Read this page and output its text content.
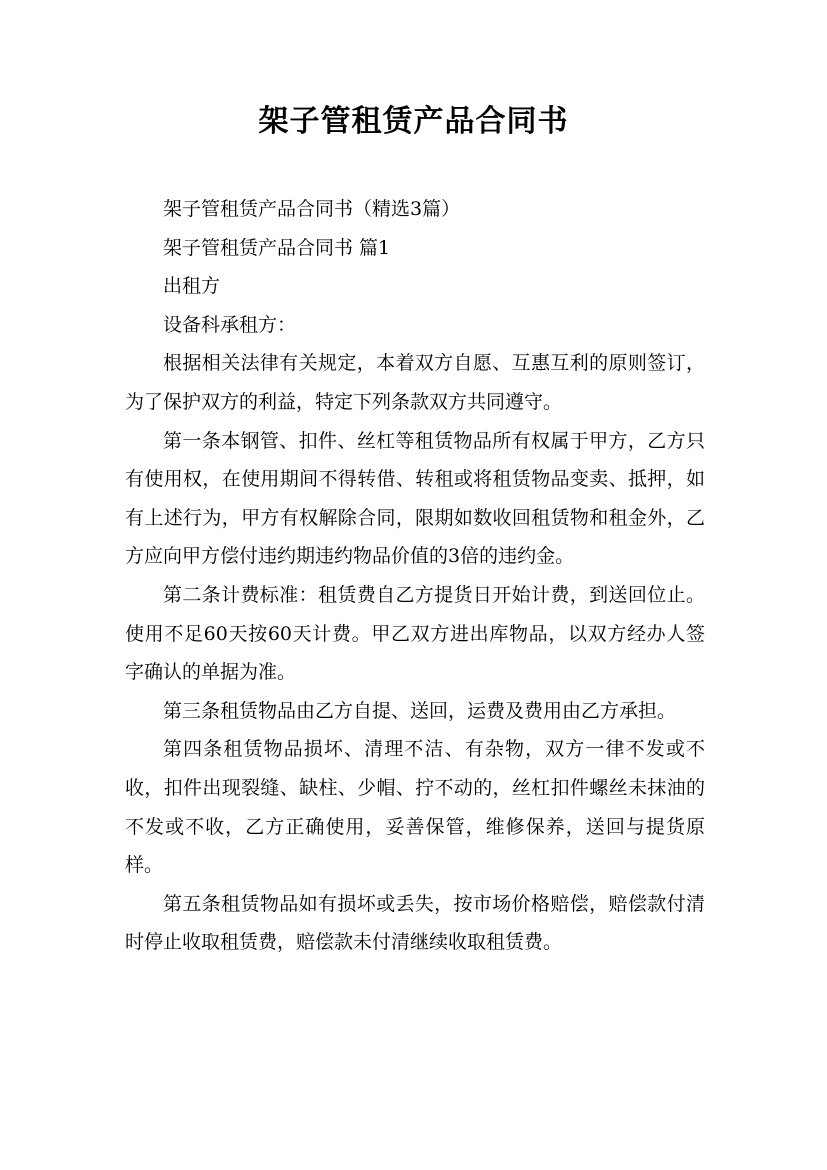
架子管租赁产品合同书

架子管租赁产品合同书（精选3篇）

架子管租赁产品合同书 篇1

出租方

设备科承租方：

根据相关法律有关规定，本着双方自愿、互惠互利的原则签订，为了保护双方的利益，特定下列条款双方共同遵守。

第一条本钢管、扣件、丝杠等租赁物品所有权属于甲方，乙方只有使用权，在使用期间不得转借、转租或将租赁物品变卖、抵押，如有上述行为，甲方有权解除合同，限期如数收回租赁物和租金外，乙方应向甲方偿付违约期违约物品价值的3倍的违约金。

第二条计费标准：租赁费自乙方提货日开始计费，到送回位止。使用不足60天按60天计费。甲乙双方进出库物品，以双方经办人签字确认的单据为准。

第三条租赁物品由乙方自提、送回，运费及费用由乙方承担。

第四条租赁物品损坏、清理不洁、有杂物，双方一律不发或不收，扣件出现裂缝、缺柱、少帽、拧不动的，丝杠扣件螺丝未抹油的不发或不收，乙方正确使用，妥善保管，维修保养，送回与提货原样。

第五条租赁物品如有损坏或丢失，按市场价格赔偿，赔偿款付清时停止收取租赁费，赔偿款未付清继续收取租赁费。
